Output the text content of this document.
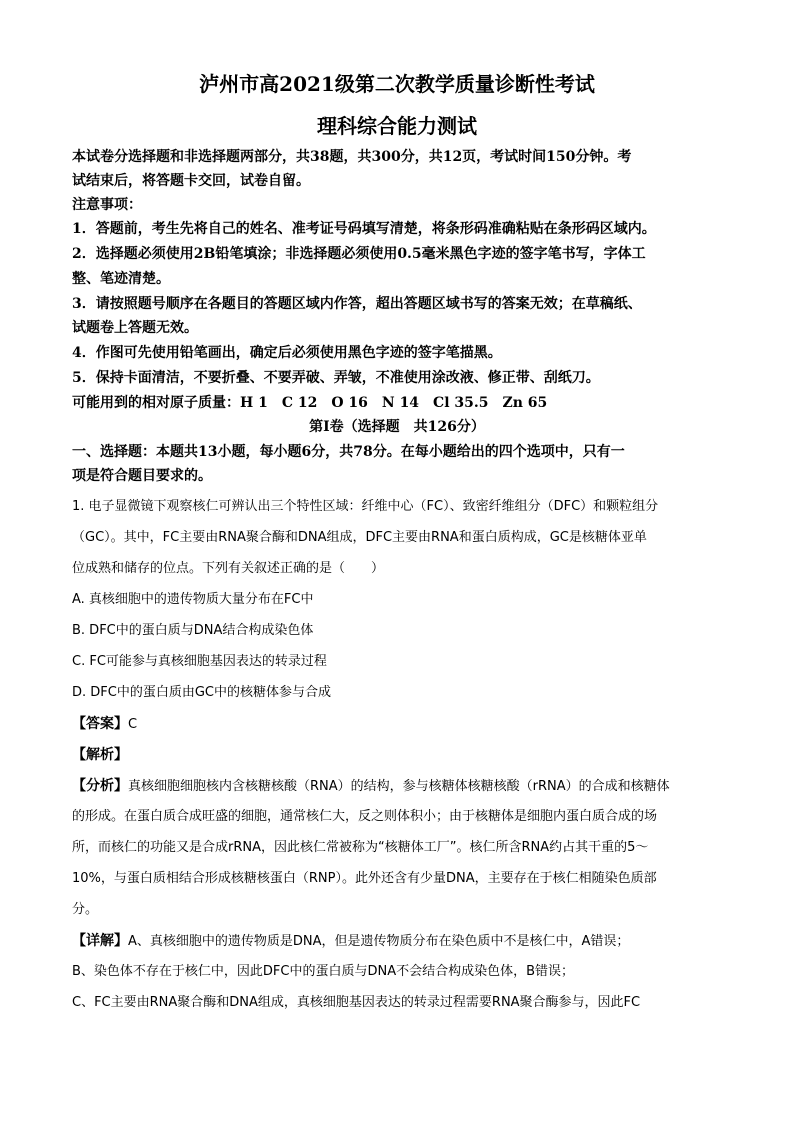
泸州市高2021级第二次教学质量诊断性考试
理科综合能力测试
本试卷分选择题和非选择题两部分，共38题，共300分，共12页，考试时间150分钟。考
试结束后，将答题卡交回，试卷自留。
注意事项：
1．答题前，考生先将自己的姓名、准考证号码填写清楚，将条形码准确粘贴在条形码区域内。
2．选择题必须使用2B铅笔填涂；非选择题必须使用0.5毫米黑色字迹的签字笔书写，字体工
整、笔迹清楚。
3．请按照题号顺序在各题目的答题区域内作答，超出答题区域书写的答案无效；在草稿纸、
试题卷上答题无效。
4．作图可先使用铅笔画出，确定后必须使用黑色字迹的签字笔描黑。
5．保持卡面清洁，不要折叠、不要弄破、弄皱，不准使用涂改液、修正带、刮纸刀。
可能用到的相对原子质量：H 1　C 12　O 16　N 14　Cl 35.5　Zn 65
第Ⅰ卷（选择题　共126分）
一、选择题：本题共13小题，每小题6分，共78分。在每小题给出的四个选项中，只有一
项是符合题目要求的。
1. 电子显微镜下观察核仁可辨认出三个特性区域：纤维中心（FC）、致密纤维组分（DFC）和颗粒组分
（GC）。其中，FC主要由RNA聚合酶和DNA组成，DFC主要由RNA和蛋白质构成，GC是核糖体亚单
位成熟和储存的位点。下列有关叙述正确的是（　　）
A. 真核细胞中的遗传物质大量分布在FC中
B. DFC中的蛋白质与DNA结合构成染色体
C. FC可能参与真核细胞基因表达的转录过程
D. DFC中的蛋白质由GC中的核糖体参与合成
【答案】C
【解析】
【分析】真核细胞细胞核内含核糖核酸（RNA）的结构，参与核糖体核糖核酸（rRNA）的合成和核糖体
的形成。在蛋白质合成旺盛的细胞，通常核仁大，反之则体积小；由于核糖体是细胞内蛋白质合成的场
所，而核仁的功能又是合成rRNA，因此核仁常被称为“核糖体工厂”。核仁所含RNA约占其干重的5～
10%，与蛋白质相结合形成核糖核蛋白（RNP）。此外还含有少量DNA，主要存在于核仁相随染色质部
分。
【详解】A、真核细胞中的遗传物质是DNA，但是遗传物质分布在染色质中不是核仁中，A错误；
B、染色体不存在于核仁中，因此DFC中的蛋白质与DNA不会结合构成染色体，B错误；
C、FC主要由RNA聚合酶和DNA组成，真核细胞基因表达的转录过程需要RNA聚合酶参与，因此FC
